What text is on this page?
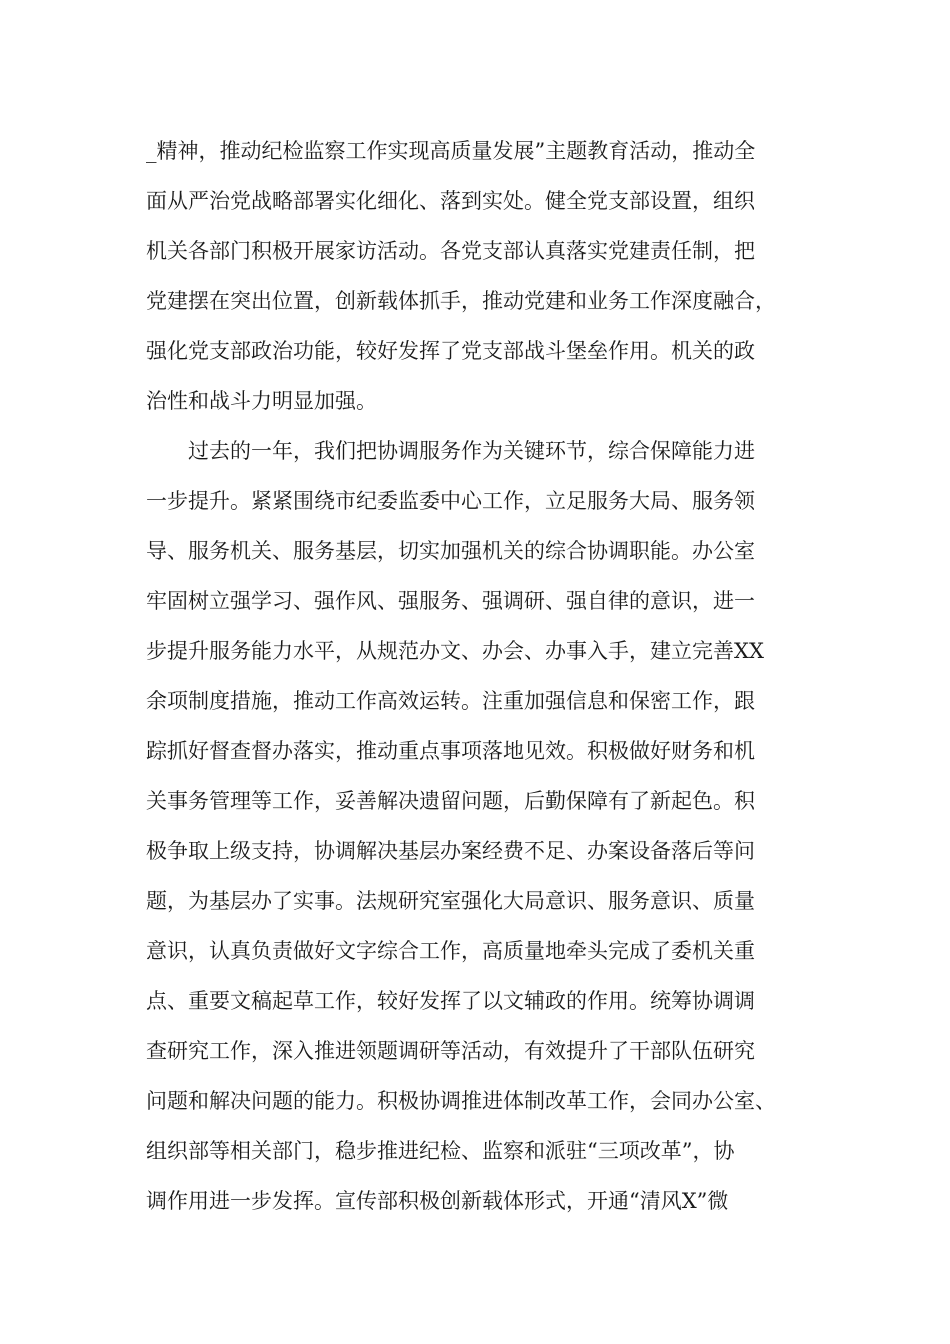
_精神，推动纪检监察工作实现高质量发展”主题教育活动，推动全
面从严治党战略部署实化细化、落到实处。健全党支部设置，组织
机关各部门积极开展家访活动。各党支部认真落实党建责任制，把
党建摆在突出位置，创新载体抓手，推动党建和业务工作深度融合，
强化党支部政治功能，较好发挥了党支部战斗堡垒作用。机关的政
治性和战斗力明显加强。
过去的一年，我们把协调服务作为关键环节，综合保障能力进
一步提升。紧紧围绕市纪委监委中心工作，立足服务大局、服务领
导、服务机关、服务基层，切实加强机关的综合协调职能。办公室
牢固树立强学习、强作风、强服务、强调研、强自律的意识，进一
步提升服务能力水平，从规范办文、办会、办事入手，建立完善XX
余项制度措施，推动工作高效运转。注重加强信息和保密工作，跟
踪抓好督查督办落实，推动重点事项落地见效。积极做好财务和机
关事务管理等工作，妥善解决遗留问题，后勤保障有了新起色。积
极争取上级支持，协调解决基层办案经费不足、办案设备落后等问
题，为基层办了实事。法规研究室强化大局意识、服务意识、质量
意识，认真负责做好文字综合工作，高质量地牵头完成了委机关重
点、重要文稿起草工作，较好发挥了以文辅政的作用。统筹协调调
查研究工作，深入推进领题调研等活动，有效提升了干部队伍研究
问题和解决问题的能力。积极协调推进体制改革工作，会同办公室、
组织部等相关部门，稳步推进纪检、监察和派驻“三项改革”，协
调作用进一步发挥。宣传部积极创新载体形式，开通“清风X”微
